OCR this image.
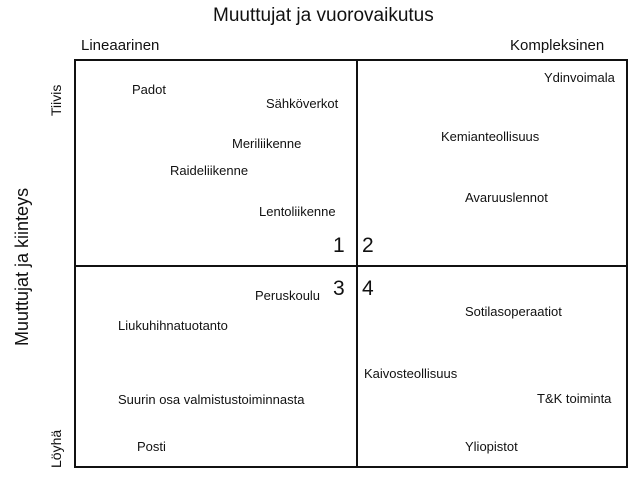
Muuttujat ja vuorovaikutus
Lineaarinen	Kompleksinen
Muuttujat ja kiinteys
Tiivis
Löyhä
1 2
3 4
Padot
Sähköverkot
Meriliikenne
Raideliikenne
Lentoliikenne
Ydinvoimala
Kemianteollisuus
Avaruuslennot
Peruskoulu
Liukuhihnatuotanto
Suurin osa valmistustoiminnasta
Posti
Sotilasoperaatiot
Kaivosteollisuus
T&K toiminta
Yliopistot
